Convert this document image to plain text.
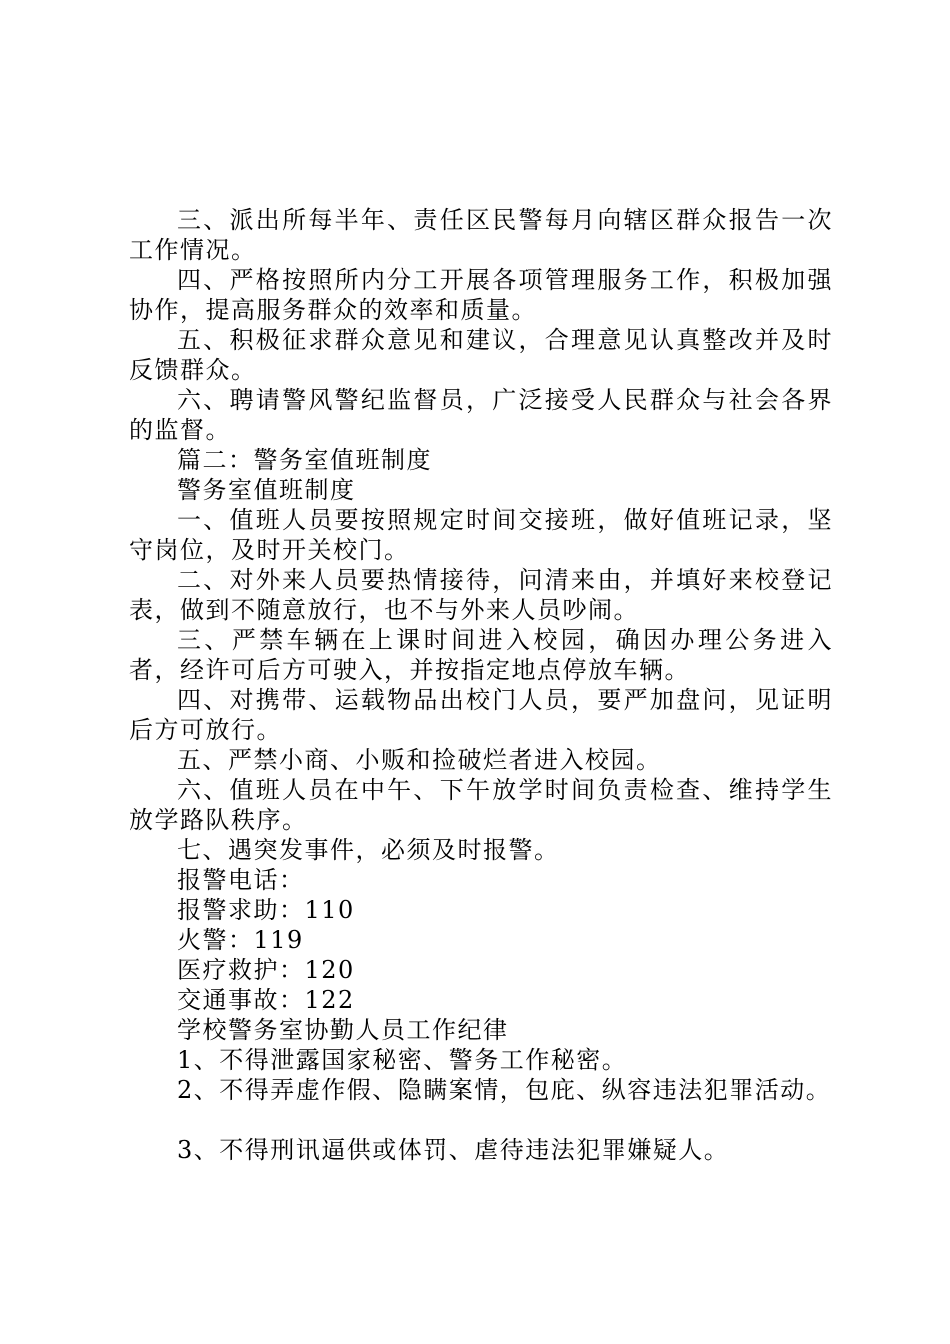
三、派出所每半年、责任区民警每月向辖区群众报告一次工作情况。

四、严格按照所内分工开展各项管理服务工作，积极加强协作，提高服务群众的效率和质量。

五、积极征求群众意见和建议，合理意见认真整改并及时反馈群众。

六、聘请警风警纪监督员，广泛接受人民群众与社会各界的监督。

篇二：警务室值班制度

警务室值班制度

一、值班人员要按照规定时间交接班，做好值班记录，坚守岗位，及时开关校门。

二、对外来人员要热情接待，问清来由，并填好来校登记表，做到不随意放行，也不与外来人员吵闹。

三、严禁车辆在上课时间进入校园，确因办理公务进入者，经许可后方可驶入，并按指定地点停放车辆。

四、对携带、运载物品出校门人员，要严加盘问，见证明后方可放行。

五、严禁小商、小贩和捡破烂者进入校园。

六、值班人员在中午、下午放学时间负责检查、维持学生放学路队秩序。

七、遇突发事件，必须及时报警。

报警电话：

报警求助：110

火警：119

医疗救护：120

交通事故：122

学校警务室协勤人员工作纪律

1、不得泄露国家秘密、警务工作秘密。

2、不得弄虚作假、隐瞒案情，包庇、纵容违法犯罪活动。

3、不得刑讯逼供或体罚、虐待违法犯罪嫌疑人。
